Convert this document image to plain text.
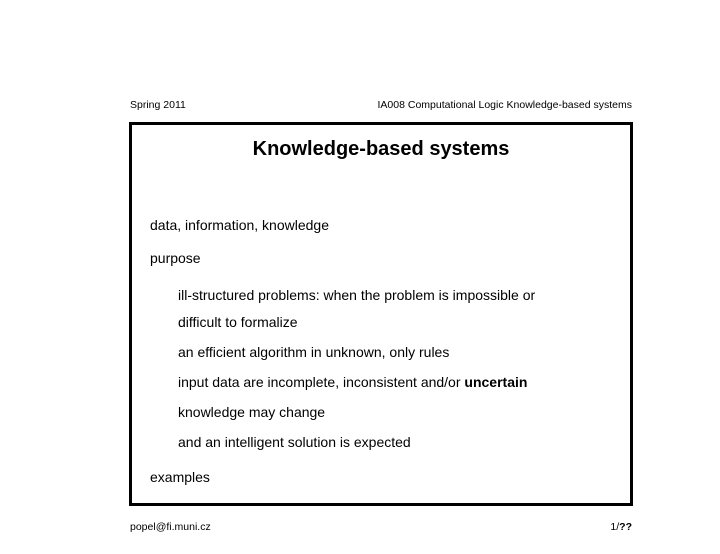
Spring 2011	IA008 Computational Logic Knowledge-based systems
Knowledge-based systems
data, information, knowledge
purpose
ill-structured problems: when the problem is impossible or
difficult to formalize
an efficient algorithm in unknown, only rules
input data are incomplete, inconsistent and/or uncertain
knowledge may change
and an intelligent solution is expected
examples
popel@fi.muni.cz	1/??
